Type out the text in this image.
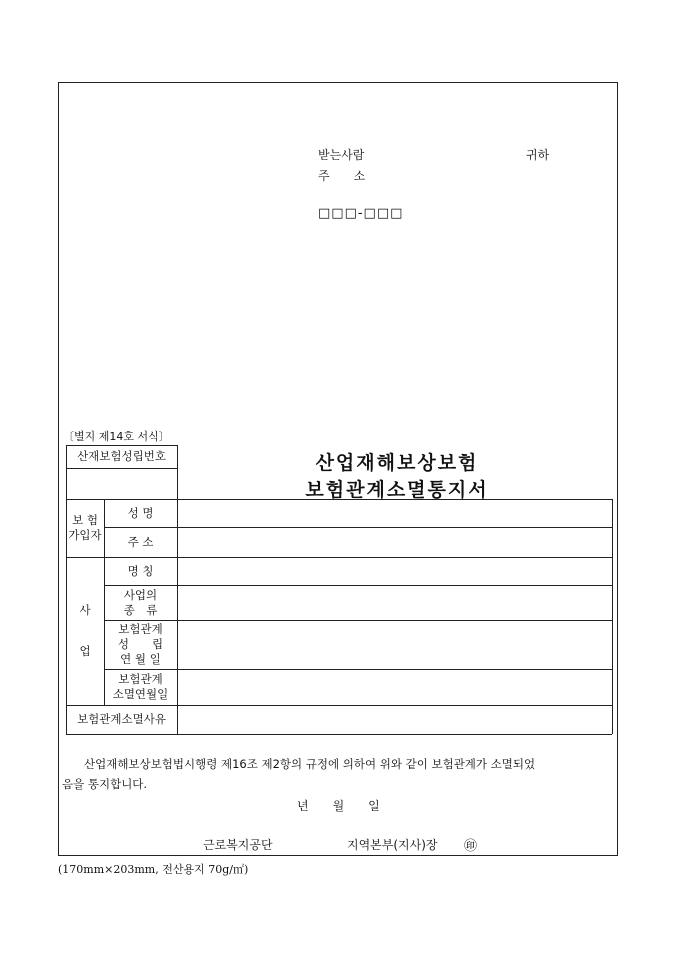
받는사람	귀하
주　　소
□□□-□□□
〔별지 제14호 서식〕
산업재해보상보험
보험관계소멸통지서
산재보험성립번호
보 험
가입자
성 명
주 소
사
업
명 칭
사업의
종　류
보험관계
성　　립
연 월 일
보험관계
소멸연월일
보험관계소멸사유
산업재해보상보험법시행령 제16조 제2항의 규정에 의하여 위와 같이 보험관계가 소멸되었
음을 통지합니다.
년　　월　　일
근로복지공단	지역본부(지사)장 ㊞
(170mm×203mm, 전산용지 70g/㎡)
